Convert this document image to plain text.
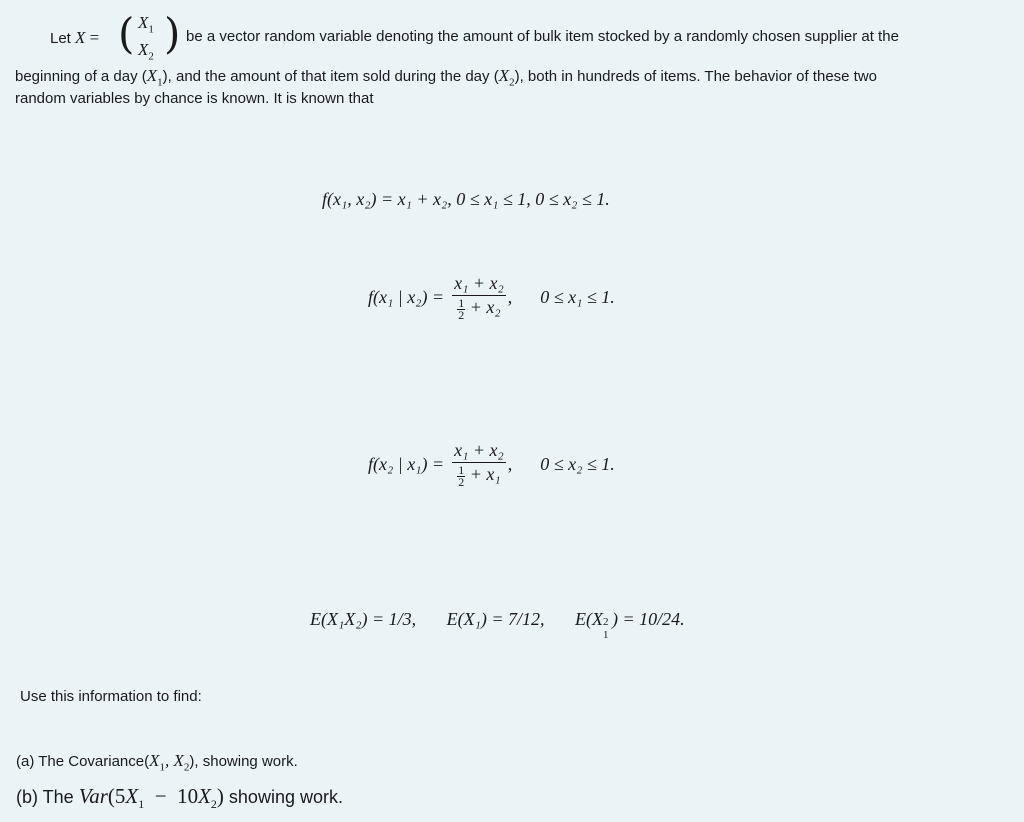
Let X = ( $X_1$
$X_2$ ) be a vector random variable denoting the amount of bulk item stocked by a randomly chosen supplier at the
beginning of a day $(X_1)$, and the amount of that item sold during the day $(X_2)$, both in hundreds of items. The behavior of these two
random variables by chance is known. It is known that
f(x₁, x₂) = x₁ + x₂, 0 ≤ x₁ ≤ 1, 0 ≤ x₂ ≤ 1.
f(x₁ | $x_2) = \frac{\text{x₁ + x₂}}{\frac{1}{2} + x_2}$ , 0 ≤ x₁ ≤ 1.
f(x₂ | $x_1) = \frac{\text{x₁ + x₂}}{\frac{1}{2} + x_1}$ , 0 ≤ x₂ ≤ 1.
E(X₁X₂) = 1/3, E(X₁) = 7/12, E(X 2
1
) = 10/24.
Use this information to find:
(a) The $Covariance(X_1$, $X_2$), showing work.
(b) The $Var(5X_1 - 10X_2)$ showing work.
